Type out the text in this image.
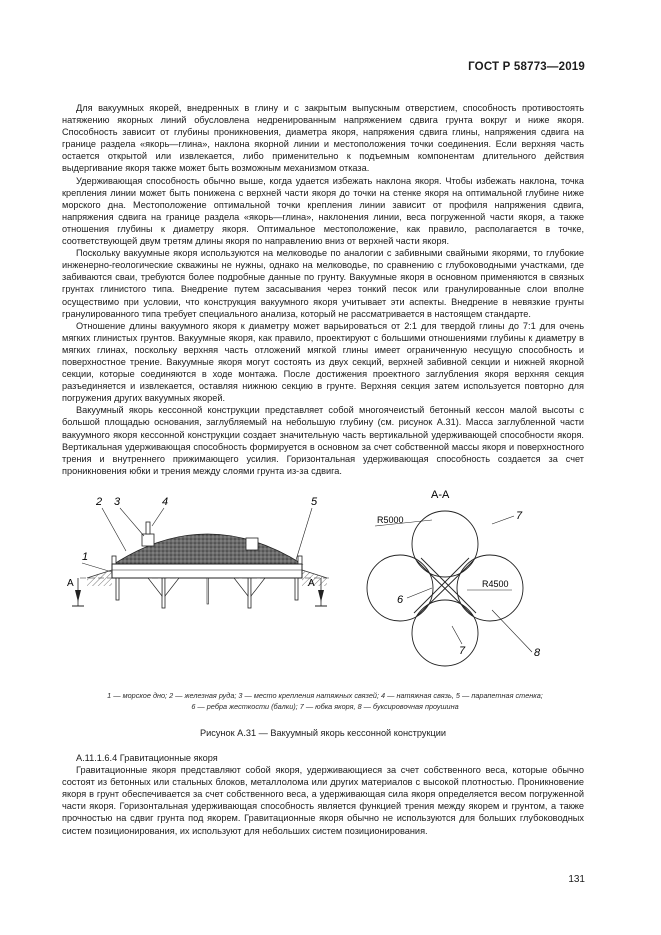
ГОСТ Р 58773—2019

Для вакуумных якорей, внедренных в глину и с закрытым выпускным отверстием, способность противостоять натяжению якорных линий обусловлена недренированным напряжением сдвига грунта вокруг и ниже якоря. Способность зависит от глубины проникновения, диаметра якоря, напряжения сдвига глины, напряжения сдвига на границе раздела «якорь—глина», наклона якорной линии и местоположения точки соединения. Если верхняя часть остается открытой или извлекается, либо применительно к подъемным компонентам длительного действия выдергивание якоря также может быть возможным механизмом отказа.

Удерживающая способность обычно выше, когда удается избежать наклона якоря. Чтобы избежать наклона, точка крепления линии может быть понижена с верхней части якоря до точки на стенке якоря на оптимальной глубине ниже морского дна. Местоположение оптимальной точки крепления линии зависит от профиля напряжения сдвига, напряжения сдвига на границе раздела «якорь—глина», наклонения линии, веса погруженной части якоря, а также отношения глубины к диаметру якоря. Оптимальное местоположение, как правило, располагается в точке, соответствующей двум третям длины якоря по направлению вниз от верхней части якоря.

Поскольку вакуумные якоря используются на мелководье по аналогии с забивными свайными якорями, то глубокие инженерно-геологические скважины не нужны, однако на мелководье, по сравнению с глубоководными участками, где забиваются сваи, требуются более подробные данные по грунту. Вакуумные якоря в основном применяются в связных грунтах глинистого типа. Внедрение путем засасывания через тонкий песок или гранулированные слои вполне осуществимо при условии, что конструкция вакуумного якоря учитывает эти аспекты. Внедрение в невязкие грунты гранулированного типа требует специального анализа, который не рассматривается в настоящем стандарте.

Отношение длины вакуумного якоря к диаметру может варьироваться от 2:1 для твердой глины до 7:1 для очень мягких глинистых грунтов. Вакуумные якоря, как правило, проектируют с большими отношениями глубины к диаметру в мягких глинах, поскольку верхняя часть отложений мягкой глины имеет ограниченную несущую способность и поверхностное трение. Вакуумные якоря могут состоять из двух секций, верхней забивной секции и нижней якорной секции, которые соединяются в ходе монтажа. После достижения проектного заглубления якоря верхняя секция разъединяется и извлекается, оставляя нижнюю секцию в грунте. Верхняя секция затем используется повторно для погружения других вакуумных якорей.

Вакуумный якорь кессонной конструкции представляет собой многоячеистый бетонный кессон малой высоты с большой площадью основания, заглубляемый на небольшую глубину (см. рисунок А.31). Масса заглубленной части вакуумного якоря кессонной конструкции создает значительную часть вертикальной удерживающей способности якоря. Вертикальная удерживающая способность формируется в основном за счет собственной массы якоря и поверхностного трения и внутреннего прижимающего усилия. Горизонтальная удерживающая способность создается за счет проникновения юбки и трения между слоями грунта из-за сдвига.

А	А
2 3	4	5
1
А-А
R5000
R4500
7
6
7	8
1 — морское дно; 2 — железная руда; 3 — место крепления натяжных связей; 4 — натяжная связь, 5 — парапетная стенка;
6 — ребра жесткости (балки); 7 — юбка якоря, 8 — буксировочная проушина
Рисунок А.31 — Вакуумный якорь кессонной конструкции
А.11.1.6.4 Гравитационные якоря

Гравитационные якоря представляют собой якоря, удерживающиеся за счет собственного веса, которые обычно состоят из бетонных или стальных блоков, металлолома или других материалов с высокой плотностью. Проникновение якоря в грунт обеспечивается за счет собственного веса, а удерживающая сила якоря определяется весом погруженной части якоря. Горизонтальная удерживающая способность является функцией трения между якорем и грунтом, а также прочностью на сдвиг грунта под якорем. Гравитационные якоря обычно не используются для больших глубоководных систем позиционирования, их используют для небольших систем позиционирования.

131
